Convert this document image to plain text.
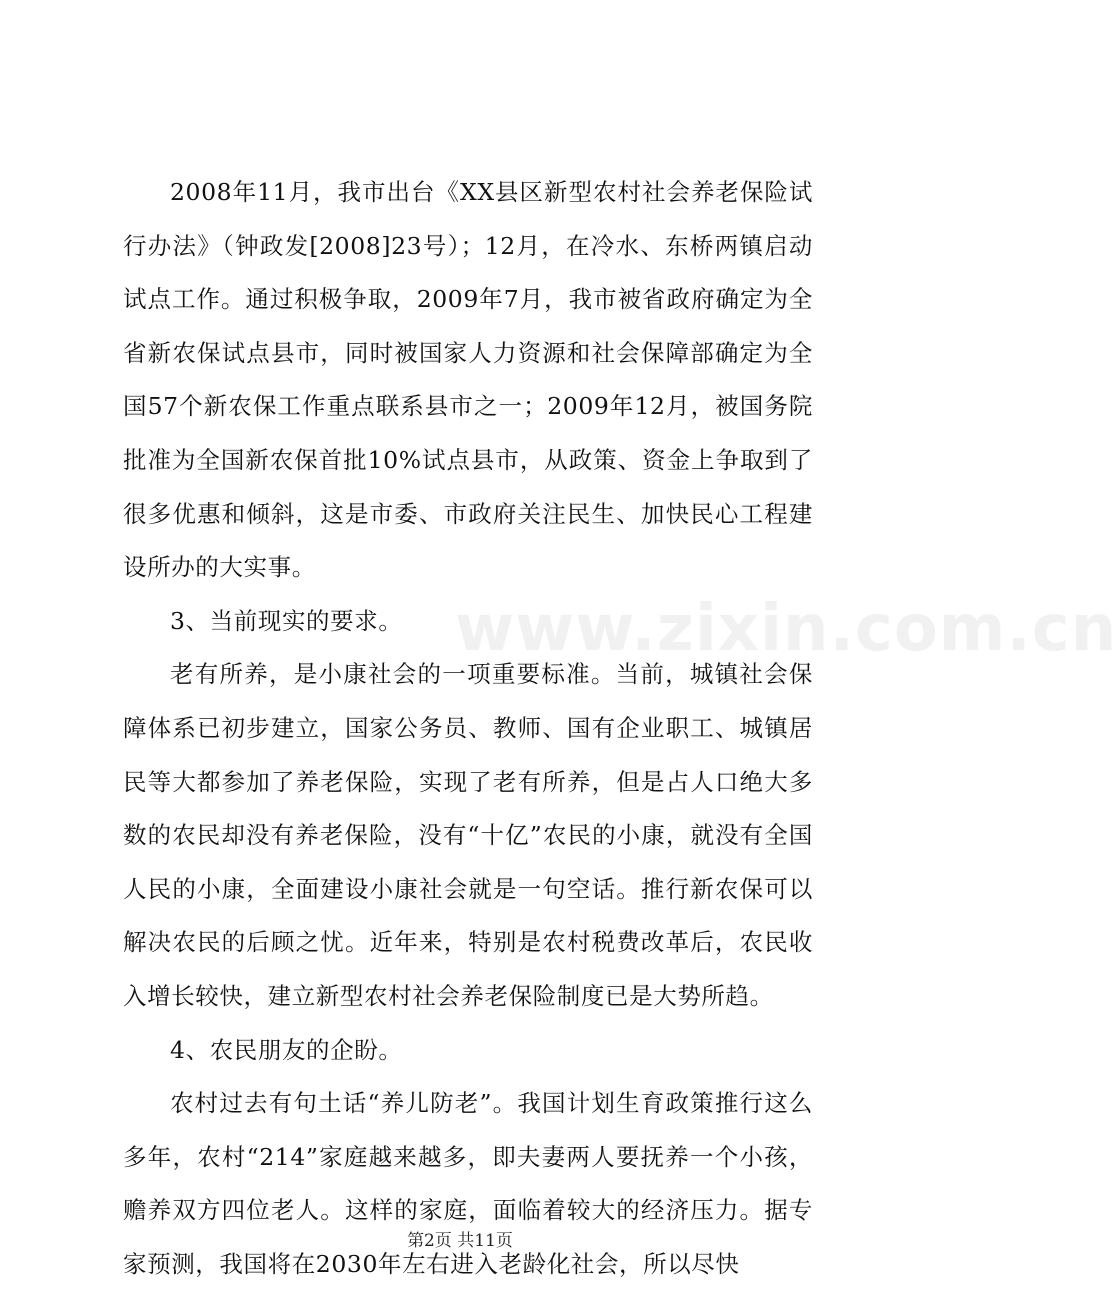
2008年11月，我市出台《XX县区新型农村社会养老保险试行办法》（钟政发[2008]23号）；12月，在冷水、东桥两镇启动试点工作。通过积极争取，2009年7月，我市被省政府确定为全省新农保试点县市，同时被国家人力资源和社会保障部确定为全国57个新农保工作重点联系县市之一；2009年12月，被国务院批准为全国新农保首批10%试点县市，从政策、资金上争取到了很多优惠和倾斜，这是市委、市政府关注民生、加快民心工程建设所办的大实事。

3、当前现实的要求。

老有所养，是小康社会的一项重要标准。当前，城镇社会保障体系已初步建立，国家公务员、教师、国有企业职工、城镇居民等大都参加了养老保险，实现了老有所养，但是占人口绝大多数的农民却没有养老保险，没有“十亿”农民的小康，就没有全国人民的小康，全面建设小康社会就是一句空话。推行新农保可以解决农民的后顾之忧。近年来，特别是农村税费改革后，农民收入增长较快，建立新型农村社会养老保险制度已是大势所趋。

4、农民朋友的企盼。

农村过去有句土话“养儿防老”。我国计划生育政策推行这么多年，农村“214”家庭越来越多，即夫妻两人要抚养一个小孩，赡养双方四位老人。这样的家庭，面临着较大的经济压力。据专家预测，我国将在2030年左右进入老龄化社会，所以尽快

www.zixin.com.cn
第2页 共11页
